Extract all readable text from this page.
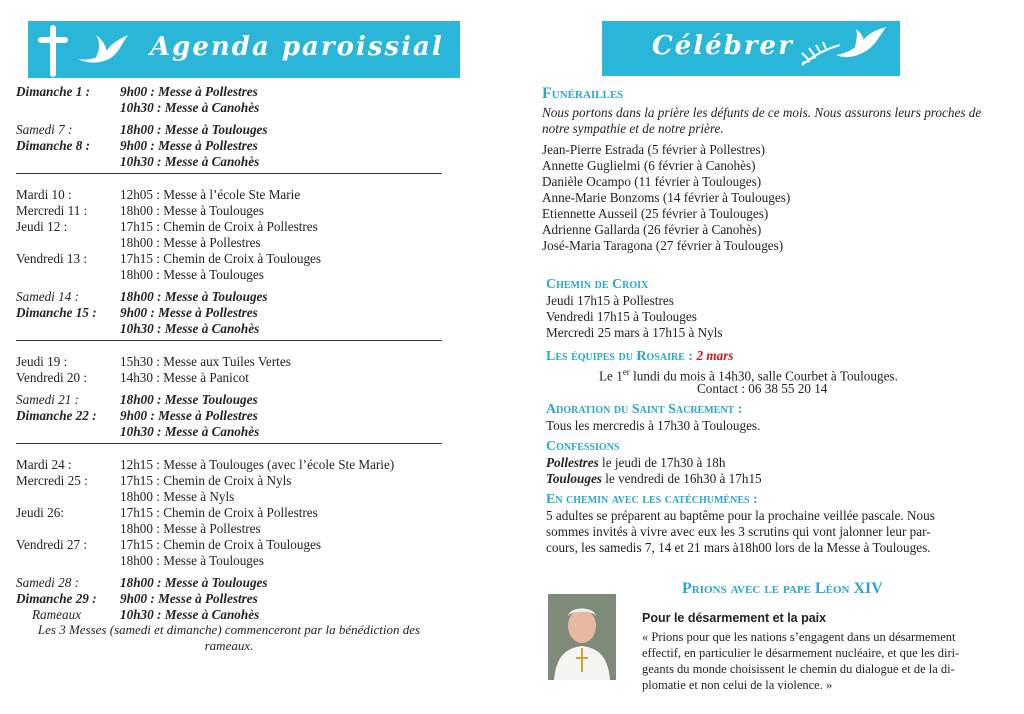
Agenda paroissial	Célébrer
Dimanche 1 : 9h00 : Messe à Pollestres
10h30 : Messe à Canohès
Samedi 7 :	18h00 : Messe à Toulouges
Dimanche 8 : 9h00 : Messe à Pollestres
10h30 : Messe à Canohès
Mardi 10 :	12h05 : Messe à l’école Ste Marie
Mercredi 11 : 18h00 : Messe à Toulouges
Jeudi 12 :	17h15 : Chemin de Croix à Pollestres
18h00 : Messe à Pollestres
Vendredi 13 : 17h15 : Chemin de Croix à Toulouges
18h00 : Messe à Toulouges
Samedi 14 :	18h00 : Messe à Toulouges
Dimanche 15 : 9h00 : Messe à Pollestres
10h30 : Messe à Canohès
Jeudi 19 :	15h30 : Messe aux Tuiles Vertes
Vendredi 20 : 14h30 : Messe à Panicot
Samedi 21 :	18h00 : Messe Toulouges
Dimanche 22 : 9h00 : Messe à Pollestres
10h30 : Messe à Canohès
Mardi 24 :	12h15 : Messe à Toulouges (avec l’école Ste Marie)
Mercredi 25 : 17h15 : Chemin de Croix à Nyls
18h00 : Messe à Nyls
Jeudi 26:	17h15 : Chemin de Croix à Pollestres
18h00 : Messe à Pollestres
Vendredi 27 : 17h15 : Chemin de Croix à Toulouges
18h00 : Messe à Toulouges
Samedi 28 :	18h00 : Messe à Toulouges
Dimanche 29 : 9h00 : Messe à Pollestres
Rameaux	10h30 : Messe à Canohès
Les 3 Messes (samedi et dimanche) commenceront par la bénédiction des rameaux.
Funérailles
Nous portons dans la prière les défunts de ce mois. Nous assurons leurs proches de notre sympathie et de notre prière.
Jean-Pierre Estrada (5 février à Pollestres)
Annette Guglielmi (6 février à Canohès)
Danièle Ocampo (11 février à Toulouges)
Anne-Marie Bonzoms (14 février à Toulouges)
Etiennette Ausseil (25 février à Toulouges)
Adrienne Gallarda (26 février à Canohès)
José-Maria Taragona (27 février à Toulouges)
Chemin de Croix
Jeudi 17h15 à Pollestres
Vendredi 17h15 à Toulouges
Mercredi 25 mars à 17h15 à Nyls
Les équipes du Rosaire : 2 mars
Le 1er lundi du mois à 14h30, salle Courbet à Toulouges.
Contact : 06 38 55 20 14
Adoration du Saint Sacrement :
Tous les mercredis à 17h30 à Toulouges.
Confessions
Pollestres le jeudi de 17h30 à 18h
Toulouges le vendredi de 16h30 à 17h15
En chemin avec les catéchumènes :
5 adultes se préparent au baptême pour la prochaine veillée pascale. Nous
sommes invités à vivre avec eux les 3 scrutins qui vont jalonner leur par-
cours, les samedis 7, 14 et 21 mars à18h00 lors de la Messe à Toulouges.
Prions avec le pape Léon XIV
Pour le désarmement et la paix
« Prions pour que les nations s’engagent dans un désarmement
effectif, en particulier le désarmement nucléaire, et que les diri-
geants du monde choisissent le chemin du dialogue et de la di-
plomatie et non celui de la violence. »
